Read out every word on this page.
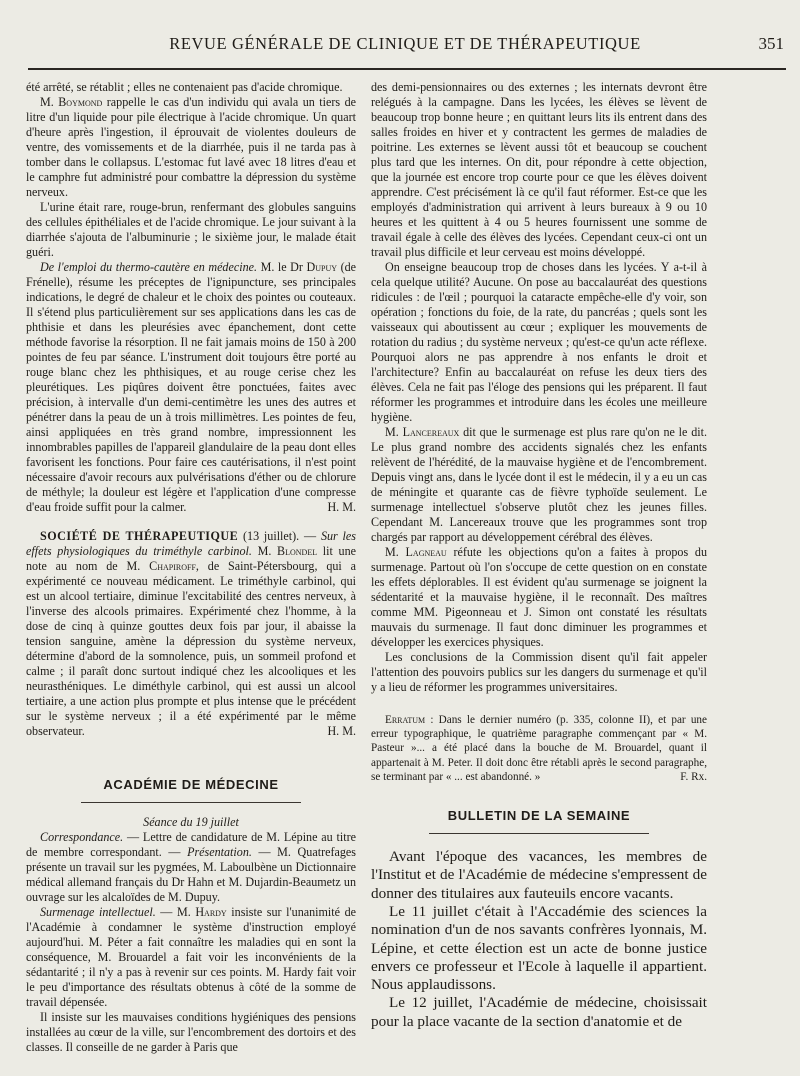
REVUE GÉNÉRALE DE CLINIQUE ET DE THÉRAPEUTIQUE	351

été arrêté, se rétablit ; elles ne contenaient pas d'acide chromique.

M. Boymond rappelle le cas d'un individu qui avala un tiers de litre d'un liquide pour pile électrique à l'acide chromique. Un quart d'heure après l'ingestion, il éprouvait de violentes douleurs de ventre, des vomissements et de la diarrhée, puis il ne tarda pas à tomber dans le collapsus. L'estomac fut lavé avec 18 litres d'eau et le camphre fut administré pour combattre la dépression du système nerveux.

L'urine était rare, rouge-brun, renfermant des globules sanguins des cellules épithéliales et de l'acide chromique. Le jour suivant à la diarrhée s'ajouta de l'albuminurie ; le sixième jour, le malade était guéri.

De l'emploi du thermo-cautère en médecine. M. le Dr Dupuy (de Frénelle), résume les préceptes de l'ignipuncture, ses principales indications, le degré de chaleur et le choix des pointes ou couteaux. Il s'étend plus particulièrement sur ses applications dans les cas de phthisie et dans les pleurésies avec épanchement, dont cette méthode favorise la résorption. Il ne fait jamais moins de 150 à 200 pointes de feu par séance. L'instrument doit toujours être porté au rouge blanc chez les phthisiques, et au rouge cerise chez les pleurétiques. Les piqûres doivent être ponctuées, faites avec précision, à intervalle d'un demi-centimètre les unes des autres et pénétrer dans la peau de un à trois millimètres. Les pointes de feu, ainsi appliquées en très grand nombre, impressionnent les innombrables papilles de l'appareil glandulaire de la peau dont elles favorisent les fonctions. Pour faire ces cautérisations, il n'est point nécessaire d'avoir recours aux pulvérisations d'éther ou de chlorure de méthyle; la douleur est légère et l'application d'une compresse d'eau froide suffit pour la calmer.	H. M.

SOCIÉTÉ DE THÉRAPEUTIQUE (13 juillet). — Sur les effets physiologiques du triméthyle carbinol. M. Blondel lit une note au nom de M. Chapiroff, de Saint-Pétersbourg, qui a expérimenté ce nouveau médicament. Le triméthyle carbinol, qui est un alcool tertiaire, diminue l'excitabilité des centres nerveux, à l'inverse des alcools primaires. Expérimenté chez l'homme, à la dose de cinq à quinze gouttes deux fois par jour, il abaisse la tension sanguine, amène la dépression du système nerveux, détermine d'abord de la somnolence, puis, un sommeil profond et calme ; il paraît donc surtout indiqué chez les alcooliques et les neurasthéniques. Le diméthyle carbinol, qui est aussi un alcool tertiaire, a une action plus prompte et plus intense que le précédent sur le système nerveux ; il a été expérimenté par le même observateur.	H. M.

ACADÉMIE DE MÉDECINE
Séance du 19 juillet

Correspondance. — Lettre de candidature de M. Lépine au titre de membre correspondant. — Présentation. — M. Quatrefages présente un travail sur les pygmées, M. Laboulbène un Dictionnaire médical allemand français du Dr Hahn et M. Dujardin-Beaumetz un ouvrage sur les alcaloïdes de M. Dupuy.

Surmenage intellectuel. — M. Hardy insiste sur l'unanimité de l'Académie à condamner le système d'instruction employé aujourd'hui. M. Péter a fait connaître les maladies qui en sont la conséquence, M. Brouardel a fait voir les inconvénients de la sédantarité ; il n'y a pas à revenir sur ces points. M. Hardy fait voir le peu d'importance des résultats obtenus à côté de la somme de travail dépensée.

Il insiste sur les mauvaises conditions hygiéniques des pensions installées au cœur de la ville, sur l'encombrement des dortoirs et des classes. Il conseille de ne garder à Paris que

des demi-pensionnaires ou des externes ; les internats devront être relégués à la campagne. Dans les lycées, les élèves se lèvent de beaucoup trop bonne heure ; en quittant leurs lits ils entrent dans des salles froides en hiver et y contractent les germes de maladies de poitrine. Les externes se lèvent aussi tôt et beaucoup se couchent plus tard que les internes. On dit, pour répondre à cette objection, que la journée est encore trop courte pour ce que les élèves doivent apprendre. C'est précisément là ce qu'il faut réformer. Est-ce que les employés d'administration qui arrivent à leurs bureaux à 9 ou 10 heures et les quittent à 4 ou 5 heures fournissent une somme de travail égale à celle des élèves des lycées. Cependant ceux-ci ont un travail plus difficile et leur cerveau est moins développé.

On enseigne beaucoup trop de choses dans les lycées. Y a-t-il à cela quelque utilité? Aucune. On pose au baccalauréat des questions ridicules : de l'œil ; pourquoi la cataracte empêche-elle d'y voir, son opération ; fonctions du foie, de la rate, du pancréas ; quels sont les vaisseaux qui aboutissent au cœur ; expliquer les mouvements de rotation du radius ; du système nerveux ; qu'est-ce qu'un acte réflexe. Pourquoi alors ne pas apprendre à nos enfants le droit et l'architecture? Enfin au baccalauréat on refuse les deux tiers des élèves. Cela ne fait pas l'éloge des pensions qui les préparent. Il faut réformer les programmes et introduire dans les écoles une meilleure hygiène.

M. Lancereaux dit que le surmenage est plus rare qu'on ne le dit. Le plus grand nombre des accidents signalés chez les enfants relèvent de l'hérédité, de la mauvaise hygiène et de l'encombrement. Depuis vingt ans, dans le lycée dont il est le médecin, il y a eu un cas de méningite et quarante cas de fièvre typhoïde seulement. Le surmenage intellectuel s'observe plutôt chez les jeunes filles. Cependant M. Lancereaux trouve que les programmes sont trop chargés par rapport au développement cérébral des élèves.

M. Lagneau réfute les objections qu'on a faites à propos du surmenage. Partout où l'on s'occupe de cette question on en constate les effets déplorables. Il est évident qu'au surmenage se joignent la sédentarité et la mauvaise hygiène, il le reconnaît. Des maîtres comme MM. Pigeonneau et J. Simon ont constaté les résultats mauvais du surmenage. Il faut donc diminuer les programmes et développer les exercices physiques.

Les conclusions de la Commission disent qu'il fait appeler l'attention des pouvoirs publics sur les dangers du surmenage et qu'il y a lieu de réformer les programmes universitaires.

Erratum : Dans le dernier numéro (p. 335, colonne II), et par une erreur typographique, le quatrième paragraphe commençant par « M. Pasteur »... a été placé dans la bouche de M. Brouardel, quant il appartenait à M. Peter. Il doit donc être rétabli après le second paragraphe, se terminant par « ... est abandonné. »	F. Rx.

BULLETIN DE LA SEMAINE

Avant l'époque des vacances, les membres de l'Institut et de l'Académie de médecine s'empressent de donner des titulaires aux fauteuils encore vacants.

Le 11 juillet c'était à l'Accadémie des sciences la nomination d'un de nos savants confrères lyonnais, M. Lépine, et cette élection est un acte de bonne justice envers ce professeur et l'Ecole à laquelle il appartient. Nous applaudissons.

Le 12 juillet, l'Académie de médecine, choisissait pour la place vacante de la section d'anatomie et de
